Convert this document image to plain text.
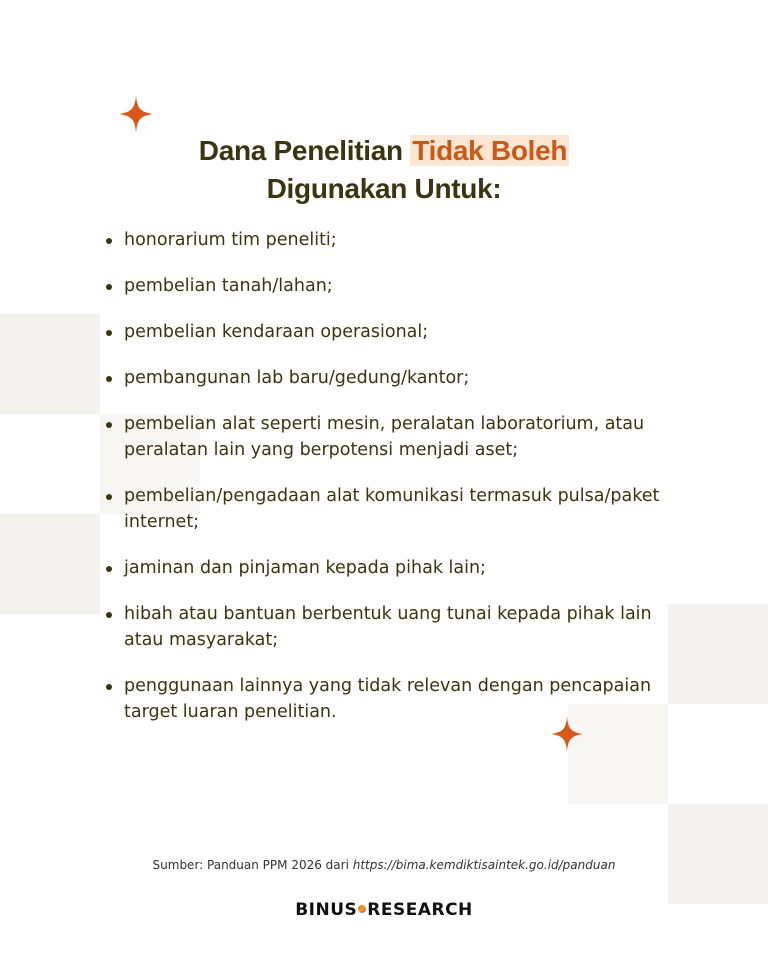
Dana Penelitian Tidak Boleh
Digunakan Untuk:
honorarium tim peneliti;
pembelian tanah/lahan;
pembelian kendaraan operasional;
pembangunan lab baru/gedung/kantor;
pembelian alat seperti mesin, peralatan laboratorium, atau peralatan lain yang berpotensi menjadi aset;
pembelian/pengadaan alat komunikasi termasuk pulsa/paket internet;
jaminan dan pinjaman kepada pihak lain;
hibah atau bantuan berbentuk uang tunai kepada pihak lain atau masyarakat;
penggunaan lainnya yang tidak relevan dengan pencapaian target luaran penelitian.
Sumber: Panduan PPM 2026 dari https://bima.kemdiktisaintek.go.id/panduan
BINUS RESEARCH
